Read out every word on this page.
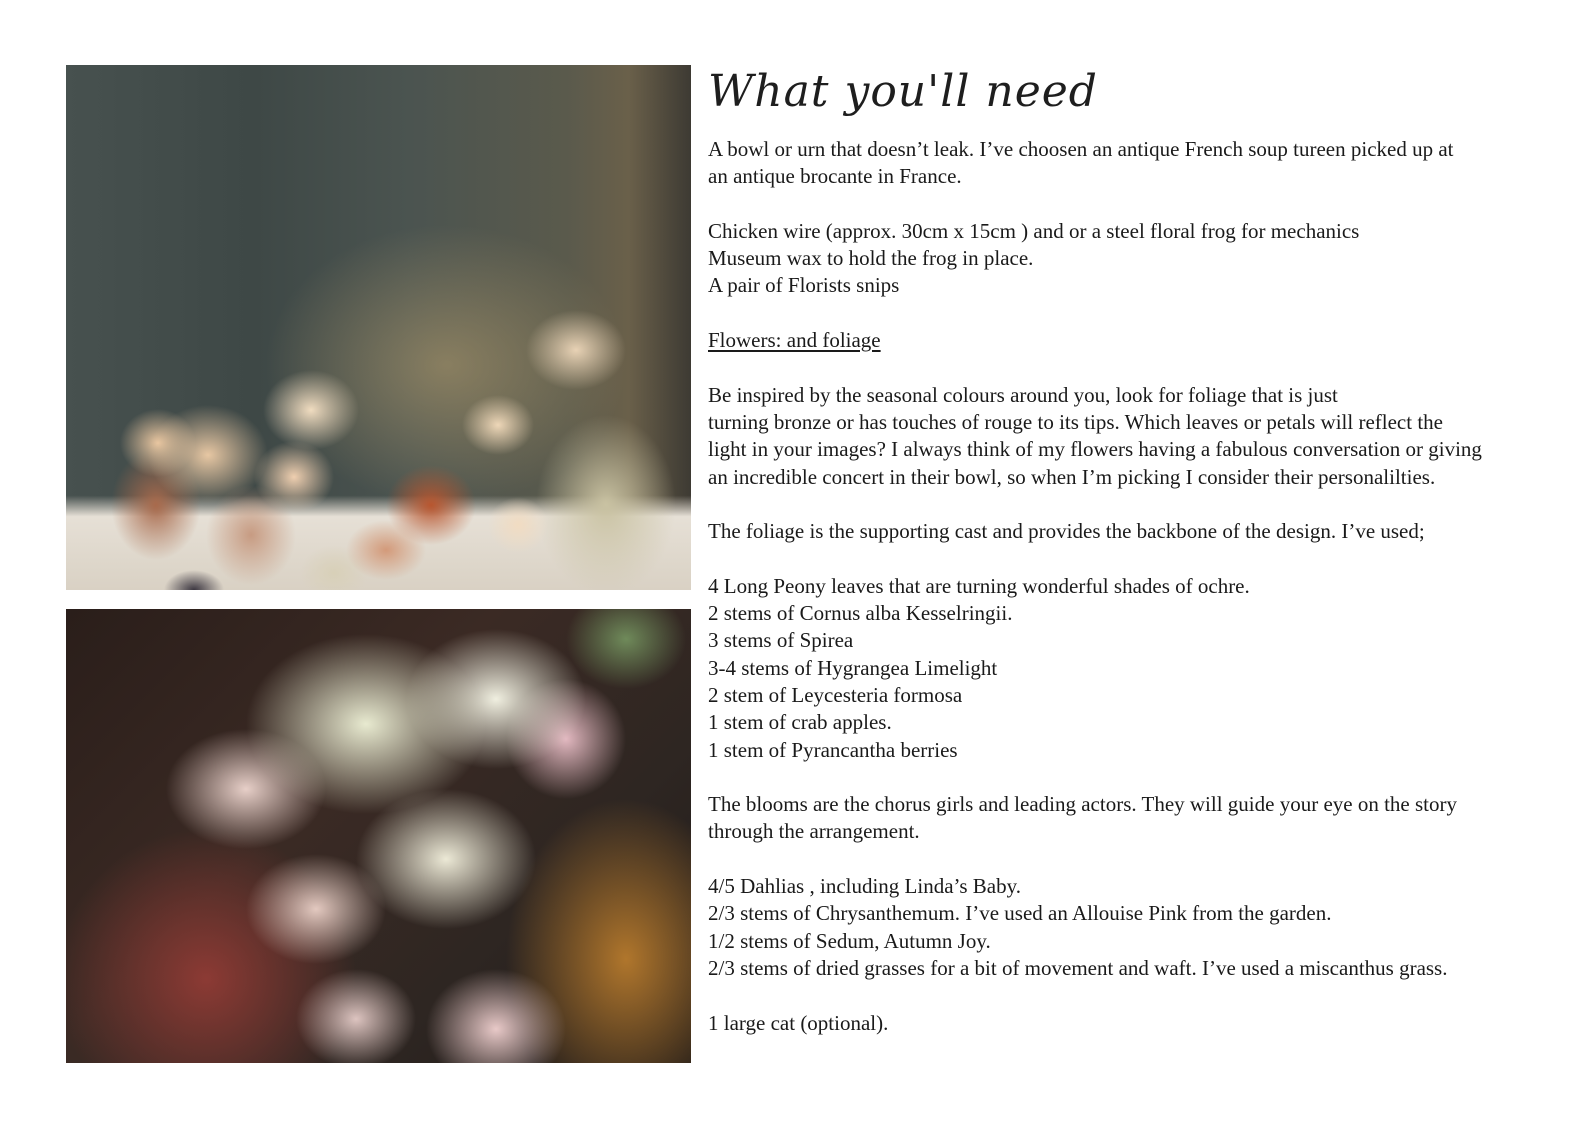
What you'll need

A bowl or urn that doesn’t leak. I’ve choosen an antique French soup tureen picked up at
an antique brocante in France.

Chicken wire (approx. 30cm x 15cm ) and or a steel floral frog for mechanics
Museum wax to hold the frog in place.
A pair of Florists snips

Flowers: and foliage

Be inspired by the seasonal colours around you, look for foliage that is just
turning bronze or has touches of rouge to its tips. Which leaves or petals will reflect the
light in your images? I always think of my flowers having a fabulous conversation or giving
an incredible concert in their bowl, so when I’m picking I consider their personalilties.

The foliage is the supporting cast and provides the backbone of the design. I’ve used;

4 Long Peony leaves that are turning wonderful shades of ochre.
2 stems of Cornus alba Kesselringii.
3 stems of Spirea
3-4 stems of Hygrangea Limelight
2 stem of Leycesteria formosa
1 stem of crab apples.
1 stem of Pyrancantha berries

The blooms are the chorus girls and leading actors. They will guide your eye on the story
through the arrangement.

4/5 Dahlias , including Linda’s Baby.
2/3 stems of Chrysanthemum. I’ve used an Allouise Pink from the garden.
1/2 stems of Sedum, Autumn Joy.
2/3 stems of dried grasses for a bit of movement and waft. I’ve used a miscanthus grass.

1 large cat (optional).
